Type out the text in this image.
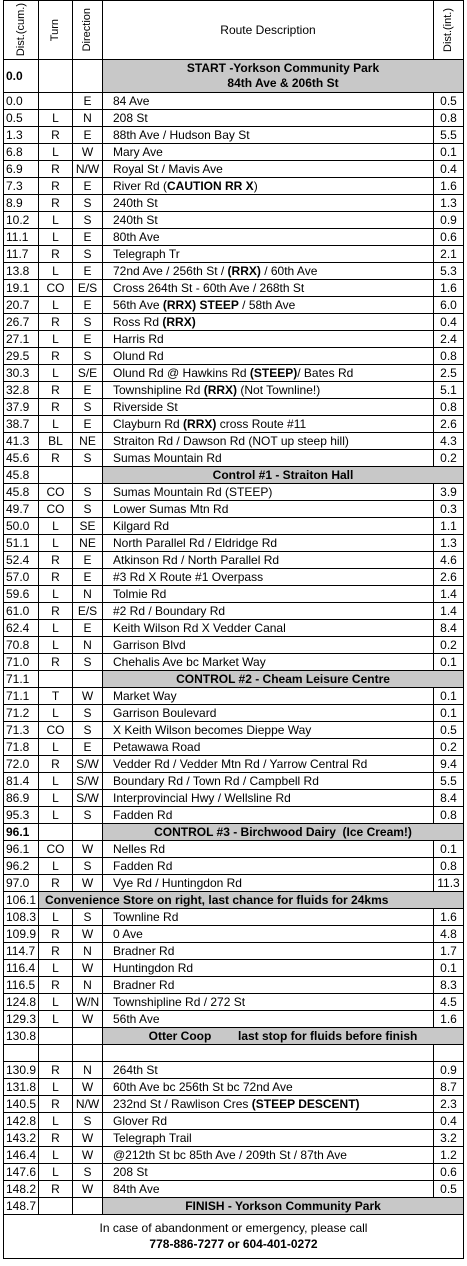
Dist.(cum.)	Turn	Direction	Route Description	Dist.(int.)

0.0			START -Yorkson Community Park
84th Ave & 206th St	
0.0		E	84 Ave	0.5
0.5	L	N	208 St	0.8
1.3	R	E	88th Ave / Hudson Bay St	5.5
6.8	L	W	Mary Ave	0.1
6.9	R	N/W	Royal St / Mavis Ave	0.4
7.3	R	E	River Rd (CAUTION RR X)	1.6
8.9	R	S	240th St	1.3
10.2	L	S	240th St	0.9
11.1	L	E	80th Ave	0.6
11.7	R	S	Telegraph Tr	2.1
13.8	L	E	72nd Ave / 256th St / (RRX) / 60th Ave	5.3
19.1	CO	E/S	Cross 264th St - 60th Ave / 268th St	1.6
20.7	L	E	56th Ave (RRX) STEEP / 58th Ave	6.0
26.7	R	S	Ross Rd (RRX)	0.4
27.1	L	E	Harris Rd	2.4
29.5	R	S	Olund Rd	0.8
30.3	L	S/E	Olund Rd @ Hawkins Rd (STEEP)/ Bates Rd	2.5
32.8	R	E	Townshipline Rd (RRX) (Not Townline!)	5.1
37.9	R	S	Riverside St	0.8
38.7	L	E	Clayburn Rd (RRX) cross Route #11	2.6
41.3	BL	NE	Straiton Rd / Dawson Rd (NOT up steep hill)	4.3
45.6	R	S	Sumas Mountain Rd	0.2
45.8			Control #1 - Straiton Hall	
45.8	CO	S	Sumas Mountain Rd (STEEP)	3.9
49.7	CO	S	Lower Sumas Mtn Rd	0.3
50.0	L	SE	Kilgard Rd	1.1
51.1	L	NE	North Parallel Rd / Eldridge Rd	1.3
52.4	R	E	Atkinson Rd / North Parallel Rd	4.6
57.0	R	E	#3 Rd X Route #1 Overpass	2.6
59.6	L	N	Tolmie Rd	1.4
61.0	R	E/S	#2 Rd / Boundary Rd	1.4
62.4	L	E	Keith Wilson Rd X Vedder Canal	8.4
70.8	L	N	Garrison Blvd	0.2
71.0	R	S	Chehalis Ave bc Market Way	0.1
71.1			CONTROL #2 - Cheam Leisure Centre	
71.1	T	W	Market Way	0.1
71.2	L	S	Garrison Boulevard	0.1
71.3	CO	S	X Keith Wilson becomes Dieppe Way	0.5
71.8	L	E	Petawawa Road	0.2
72.0	R	S/W	Vedder Rd / Vedder Mtn Rd / Yarrow Central Rd	9.4
81.4	L	S/W	Boundary Rd / Town Rd / Campbell Rd	5.5
86.9	L	S/W	Interprovincial Hwy / Wellsline Rd	8.4
95.3	L	S	Fadden Rd	0.8
96.1			CONTROL #3 - Birchwood Dairy  (Ice Cream!)	
96.1	CO	W	Nelles Rd	0.1
96.2	L	S	Fadden Rd	0.8
97.0	R	W	Vye Rd / Huntingdon Rd	11.3
106.1	Convenience Store on right, last chance for fluids for 24kms			
108.3	L	S	Townline Rd	1.6
109.9	R	W	0 Ave	4.8
114.7	R	N	Bradner Rd	1.7
116.4	L	W	Huntingdon Rd	0.1
116.5	R	N	Bradner Rd	8.3
124.8	L	W/N	Townshipline Rd / 272 St	4.5
129.3	L	W	56th Ave	1.6
130.8			Otter Coop        last stop for fluids before finish	

130.9	R	N	264th St	0.9
131.8	L	W	60th Ave bc 256th St bc 72nd Ave	8.7
140.5	R	N/W	232nd St / Rawlison Cres (STEEP DESCENT)	2.3
142.8	L	S	Glover Rd	0.4
143.2	R	W	Telegraph Trail	3.2
146.4	L	W	@212th St bc 85th Ave / 209th St / 87th Ave	1.2
147.6	L	S	208 St	0.6
148.2	R	W	84th Ave	0.5
148.7			FINISH - Yorkson Community Park	
In case of abandonment or emergency, please call
778-886-7277 or 604-401-0272
